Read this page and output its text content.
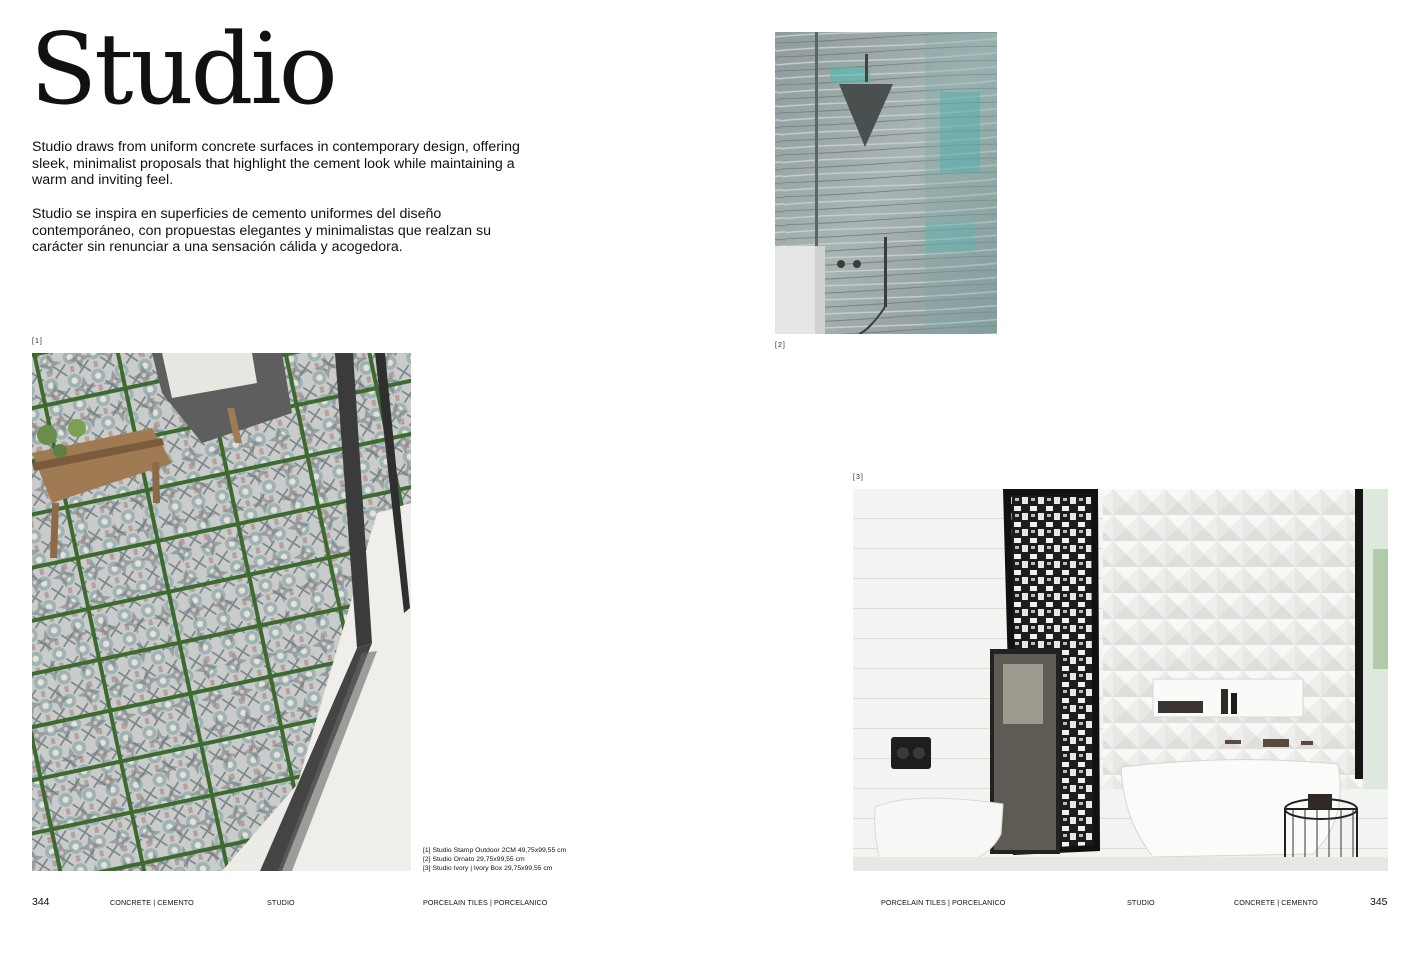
Studio

Studio draws from uniform concrete surfaces in contemporary design, offering sleek, minimalist proposals that highlight the cement look while maintaining a warm and inviting feel.

Studio se inspira en superficies de cemento uniformes del diseño contemporáneo, con propuestas elegantes y minimalistas que realzan su carácter sin renunciar a una sensación cálida y acogedora.

[1]
[1] Studio Stamp Outdoor 2CM 49,75x99,55 cm
[2] Studio Ornato 29,75x99,55 cm
[3] Studio Ivory | Ivory Box 29,75x99,55 cm
[2]
[3]
344	CONCRETE | CEMENTO	STUDIO	PORCELAIN TILES | PORCELANICO	PORCELAIN TILES | PORCELANICO	STUDIO	CONCRETE | CEMENTO	345
